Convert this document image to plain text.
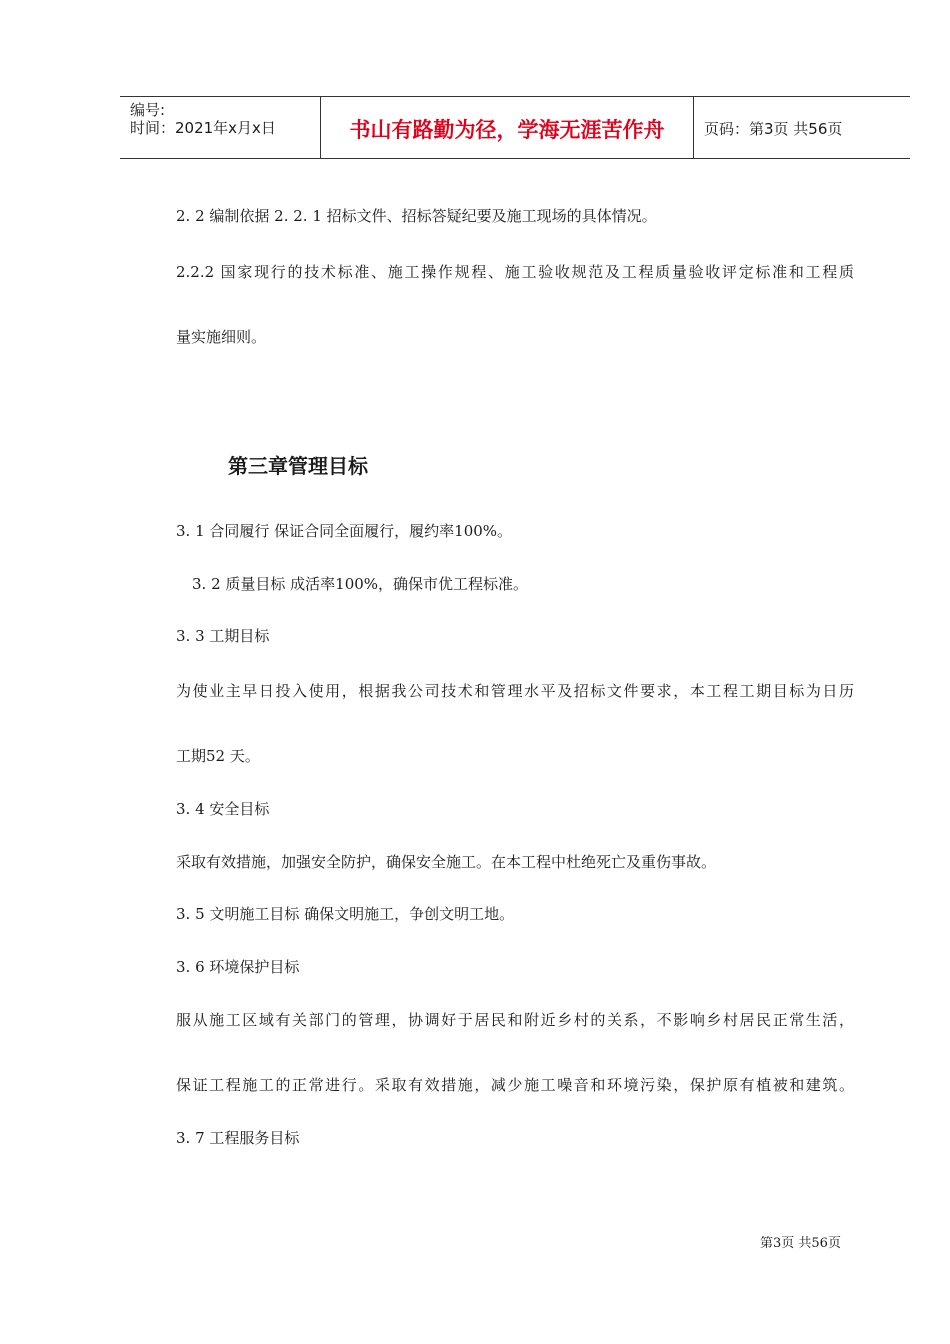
编号:
时间：2021年x月x日	书山有路勤为径，学海无涯苦作舟	页码：第3页 共56页
2. 2 编制依据 2. 2. 1 招标文件、招标答疑纪要及施工现场的具体情况。
2.2.2 国家现行的技术标准、施工操作规程、施工验收规范及工程质量验收评定标准和工程质
量实施细则。
第三章管理目标
3. 1 合同履行 保证合同全面履行，履约率100%。
3. 2 质量目标 成活率100%，确保市优工程标准。
3. 3 工期目标
为使业主早日投入使用，根据我公司技术和管理水平及招标文件要求，本工程工期目标为日历
工期52 天。
3. 4 安全目标
采取有效措施，加强安全防护，确保安全施工。在本工程中杜绝死亡及重伤事故。
3. 5 文明施工目标 确保文明施工，争创文明工地。
3. 6 环境保护目标
服从施工区域有关部门的管理，协调好于居民和附近乡村的关系，不影响乡村居民正常生活，
保证工程施工的正常进行。采取有效措施，减少施工噪音和环境污染，保护原有植被和建筑。
3. 7 工程服务目标
第3页 共56页
